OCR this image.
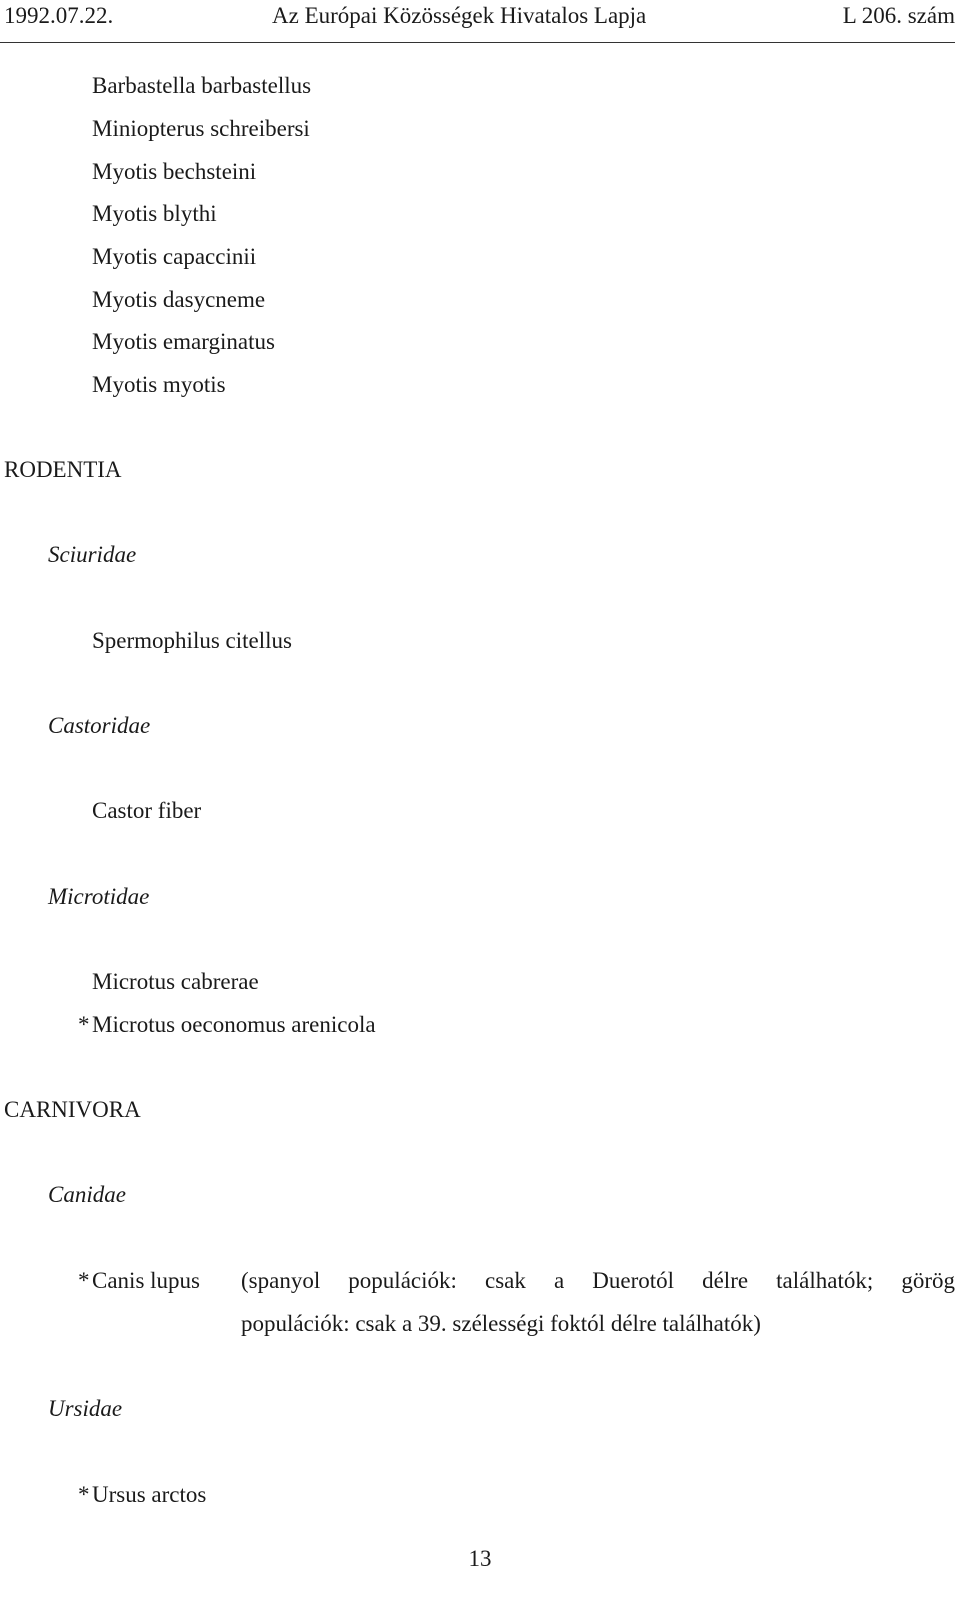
1992.07.22.	Az Európai Közösségek Hivatalos Lapja	L 206. szám
Barbastella barbastellus
Miniopterus schreibersi
Myotis bechsteini
Myotis blythi
Myotis capaccinii
Myotis dasycneme
Myotis emarginatus
Myotis myotis
RODENTIA
Sciuridae
Spermophilus citellus
Castoridae
Castor fiber
Microtidae
Microtus cabrerae
* Microtus oeconomus arenicola
CARNIVORA
Canidae
* Canis lupus (spanyol populációk: csak a Duerotól délre találhatók; görög
populációk: csak a 39. szélességi foktól délre találhatók)
Ursidae
* Ursus arctos
13
